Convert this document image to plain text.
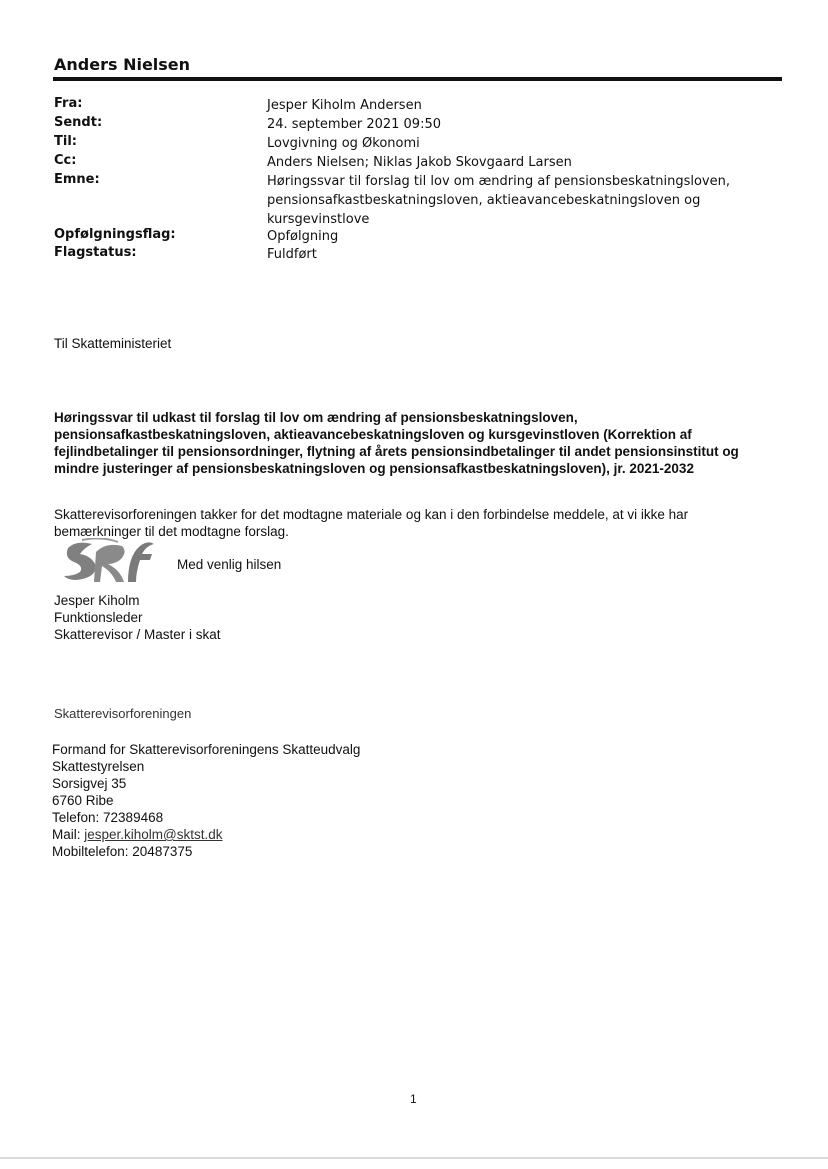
Anders Nielsen
Fra:	Jesper Kiholm Andersen
Sendt:	24. september 2021 09:50
Til:	Lovgivning og Økonomi
Cc:	Anders Nielsen; Niklas Jakob Skovgaard Larsen
Emne:	Høringssvar til forslag til lov om ændring af pensionsbeskatningsloven,
pensionsafkastbeskatningsloven, aktieavancebeskatningsloven og kursgevinstlove
Opfølgningsflag:	Opfølgning
Flagstatus:	Fuldført
Til Skatteministeriet
Høringssvar til udkast til forslag til lov om ændring af pensionsbeskatningsloven,
pensionsafkastbeskatningsloven, aktieavancebeskatningsloven og kursgevinstloven (Korrektion af
fejlindbetalinger til pensionsordninger, flytning af årets pensionsindbetalinger til andet pensionsinstitut og
mindre justeringer af pensionsbeskatningsloven og pensionsafkastbeskatningsloven), jr. 2021-2032
Skatterevisorforeningen takker for det modtagne materiale og kan i den forbindelse meddele, at vi ikke har
bemærkninger til det modtagne forslag.
Med venlig hilsen
Jesper Kiholm
Funktionsleder
Skatterevisor / Master i skat
Skatterevisorforeningen
Formand for Skatterevisorforeningens Skatteudvalg
Skattestyrelsen
Sorsigvej 35
6760 Ribe
Telefon: 72389468
Mail: jesper.kiholm@sktst.dk
Mobiltelefon: 20487375
1
